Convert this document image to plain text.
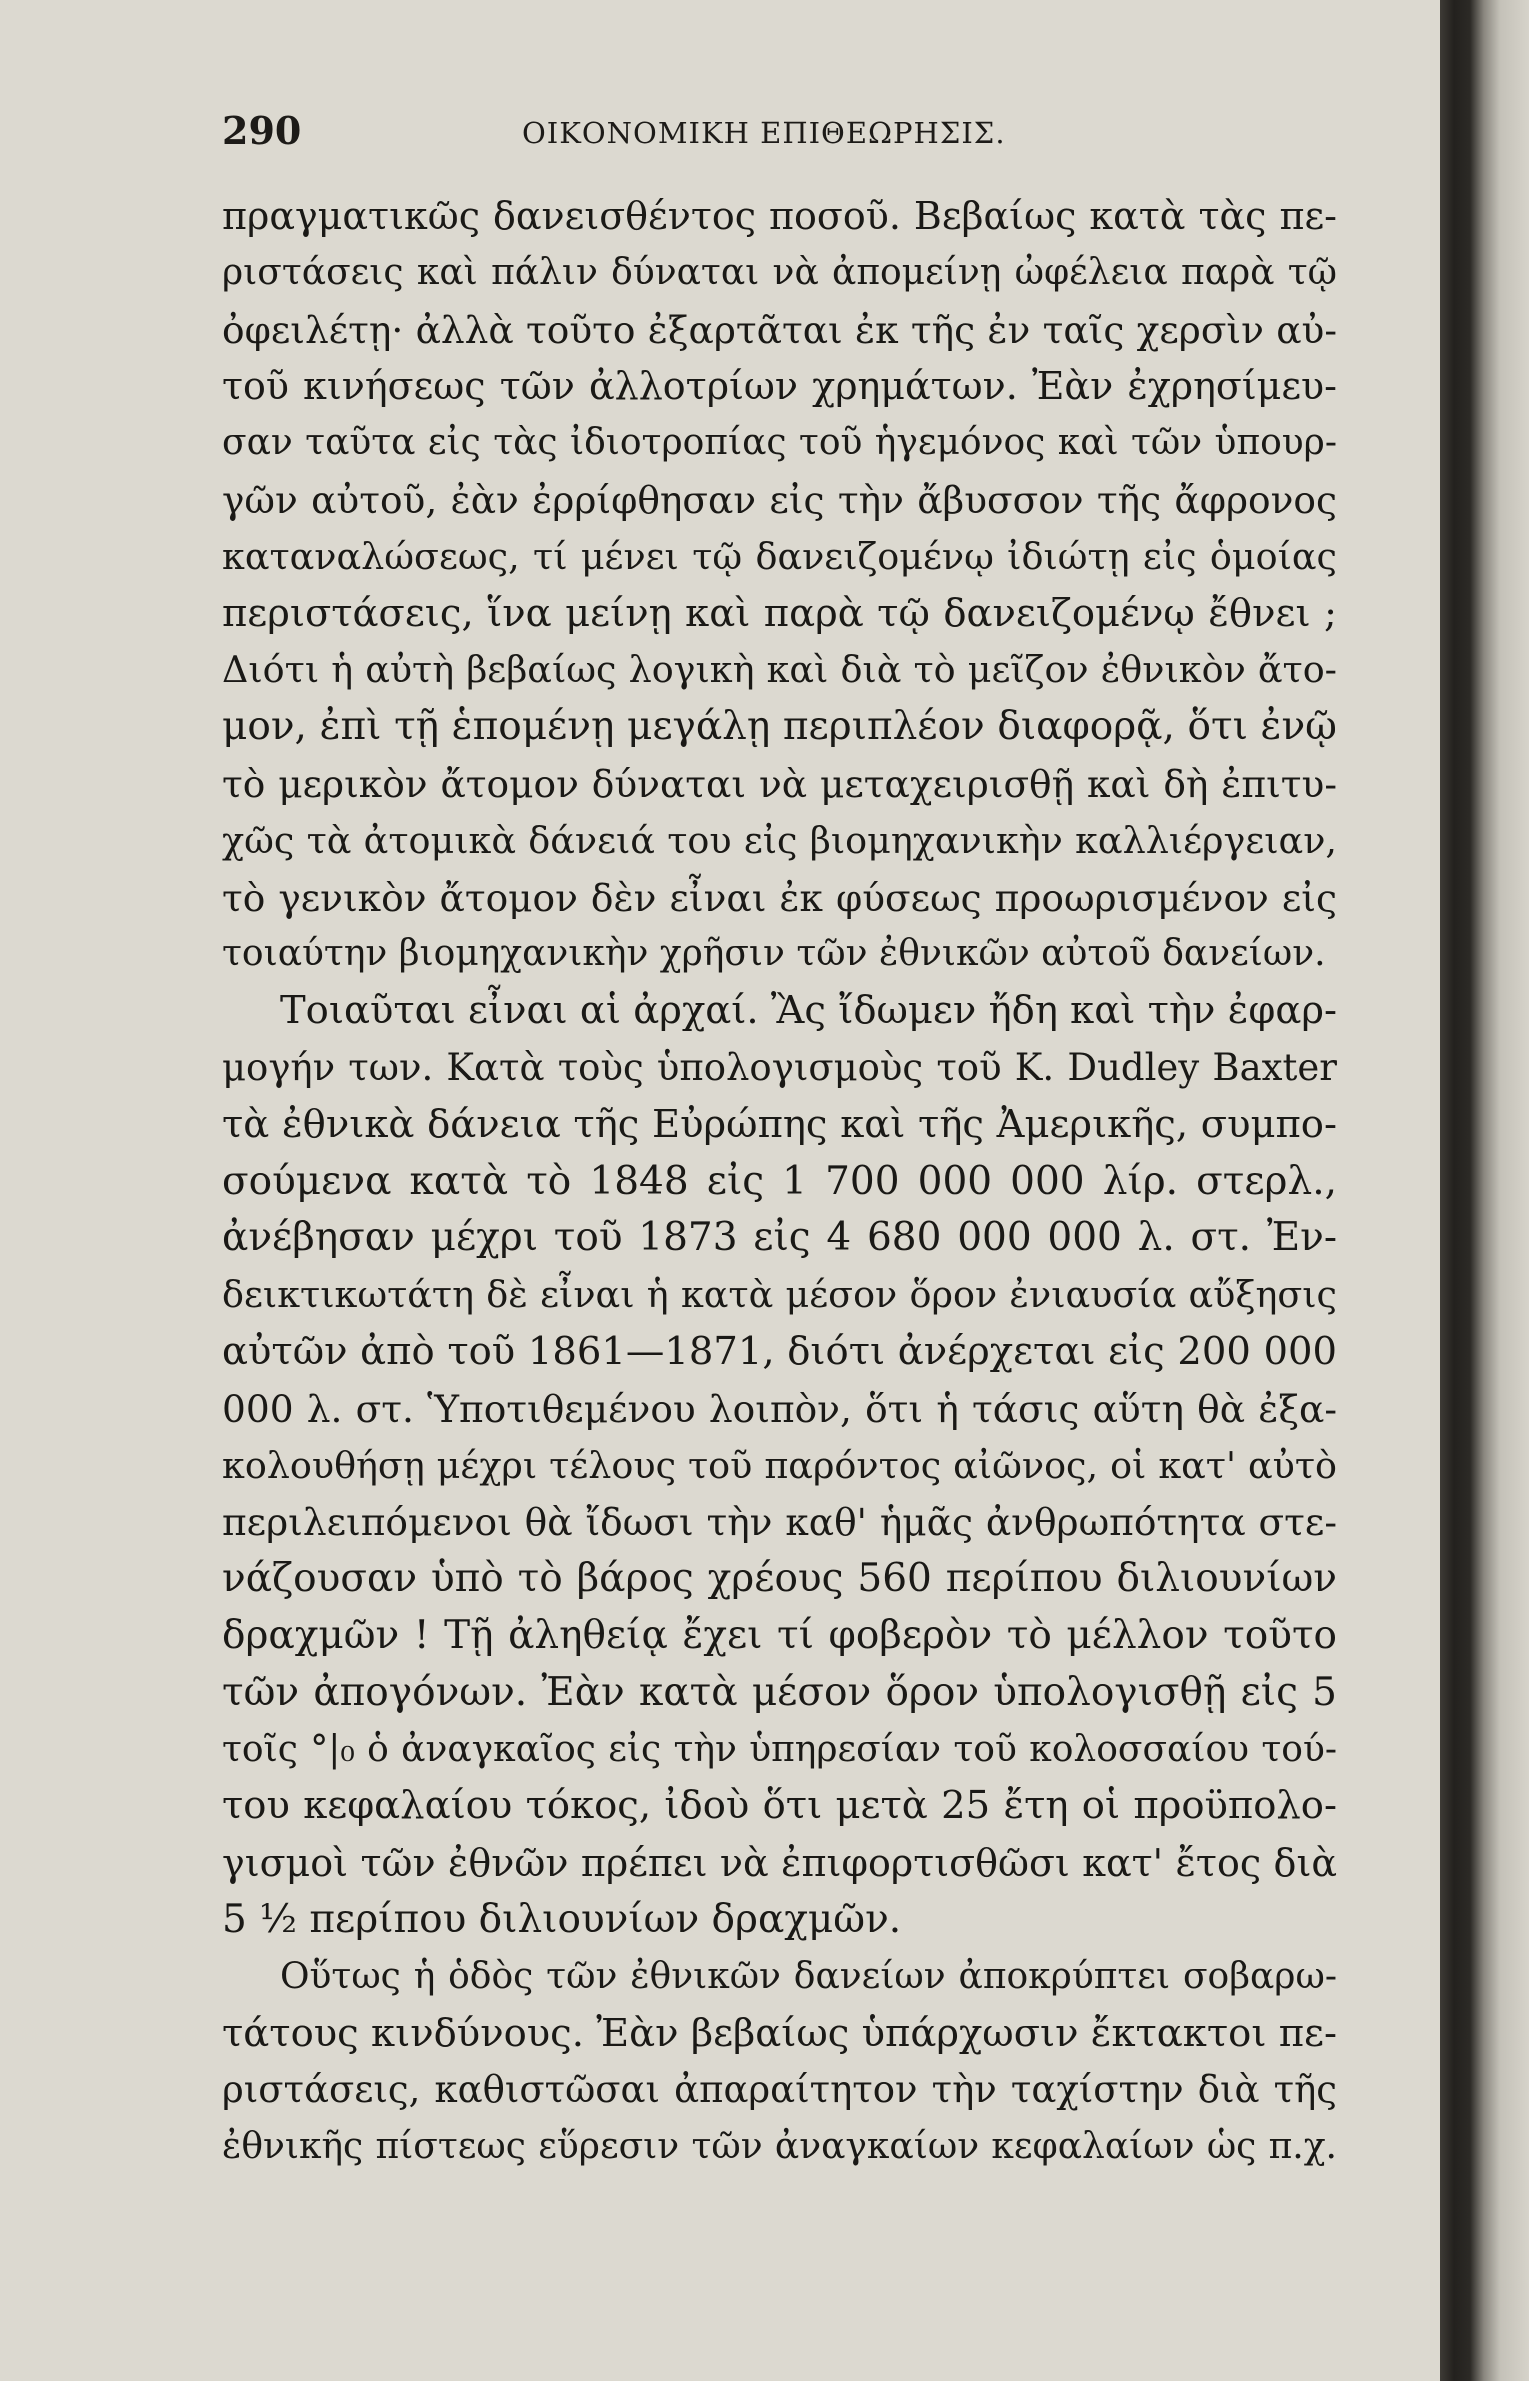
290	ΟΙΚΟΝΟΜΙΚΗ ΕΠΙΘΕΩΡΗΣΙΣ.
πραγματικῶς δανεισθέντος ποσοῦ. Βεβαίως κατὰ τὰς πε-
ριστάσεις καὶ πάλιν δύναται νὰ ἀπομείνῃ ὠφέλεια παρὰ τῷ
ὀφειλέτῃ· ἀλλὰ τοῦτο ἐξαρτᾶται ἐκ τῆς ἐν ταῖς χερσὶν αὐ-
τοῦ κινήσεως τῶν ἀλλοτρίων χρημάτων. Ἐὰν ἐχρησίμευ-
σαν ταῦτα εἰς τὰς ἰδιοτροπίας τοῦ ἡγεμόνος καὶ τῶν ὑπουρ-
γῶν αὐτοῦ, ἐὰν ἐρρίφθησαν εἰς τὴν ἄβυσσον τῆς ἄφρονος
καταναλώσεως, τί μένει τῷ δανειζομένῳ ἰδιώτῃ εἰς ὁμοίας
περιστάσεις, ἵνα μείνῃ καὶ παρὰ τῷ δανειζομένῳ ἔθνει ;
Διότι ἡ αὐτὴ βεβαίως λογικὴ καὶ διὰ τὸ μεῖζον ἐθνικὸν ἄτο-
μον, ἐπὶ τῇ ἑπομένῃ μεγάλῃ περιπλέον διαφορᾷ, ὅτι ἐνῷ
τὸ μερικὸν ἄτομον δύναται νὰ μεταχειρισθῇ καὶ δὴ ἐπιτυ-
χῶς τὰ ἀτομικὰ δάνειά του εἰς βιομηχανικὴν καλλιέργειαν,
τὸ γενικὸν ἄτομον δὲν εἶναι ἐκ φύσεως προωρισμένον εἰς
τοιαύτην βιομηχανικὴν χρῆσιν τῶν ἐθνικῶν αὐτοῦ δανείων.
Τοιαῦται εἶναι αἱ ἀρχαί. Ἂς ἴδωμεν ἤδη καὶ τὴν ἐφαρ-
μογήν των. Κατὰ τοὺς ὑπολογισμοὺς τοῦ Κ. Dudley Baxter
τὰ ἐθνικὰ δάνεια τῆς Εὐρώπης καὶ τῆς Ἀμερικῆς, συμπο-
σούμενα κατὰ τὸ 1848 εἰς 1 700 000 000 λίρ. στερλ.,
ἀνέβησαν μέχρι τοῦ 1873 εἰς 4 680 000 000 λ. στ. Ἐν-
δεικτικωτάτη δὲ εἶναι ἡ κατὰ μέσον ὅρον ἐνιαυσία αὔξησις
αὐτῶν ἀπὸ τοῦ 1861—1871, διότι ἀνέρχεται εἰς 200 000
000 λ. στ. Ὑποτιθεμένου λοιπὸν, ὅτι ἡ τάσις αὕτη θὰ ἐξα-
κολουθήσῃ μέχρι τέλους τοῦ παρόντος αἰῶνος, οἱ κατ' αὐτὸ
περιλειπόμενοι θὰ ἴδωσι τὴν καθ' ἡμᾶς ἀνθρωπότητα στε-
νάζουσαν ὑπὸ τὸ βάρος χρέους 560 περίπου διλιουνίων
δραχμῶν ! Τῇ ἀληθείᾳ ἔχει τί φοβερὸν τὸ μέλλον τοῦτο
τῶν ἀπογόνων. Ἐὰν κατὰ μέσον ὅρον ὑπολογισθῇ εἰς 5
τοῖς °|₀ ὁ ἀναγκαῖος εἰς τὴν ὑπηρεσίαν τοῦ κολοσσαίου τού-
του κεφαλαίου τόκος, ἰδοὺ ὅτι μετὰ 25 ἔτη οἱ προϋπολο-
γισμοὶ τῶν ἐθνῶν πρέπει νὰ ἐπιφορτισθῶσι κατ' ἔτος διὰ
5 ½ περίπου διλιουνίων δραχμῶν.
Οὕτως ἡ ὁδὸς τῶν ἐθνικῶν δανείων ἀποκρύπτει σοβαρω-
τάτους κινδύνους. Ἐὰν βεβαίως ὑπάρχωσιν ἔκτακτοι πε-
ριστάσεις, καθιστῶσαι ἀπαραίτητον τὴν ταχίστην διὰ τῆς
ἐθνικῆς πίστεως εὕρεσιν τῶν ἀναγκαίων κεφαλαίων ὡς π.χ.
